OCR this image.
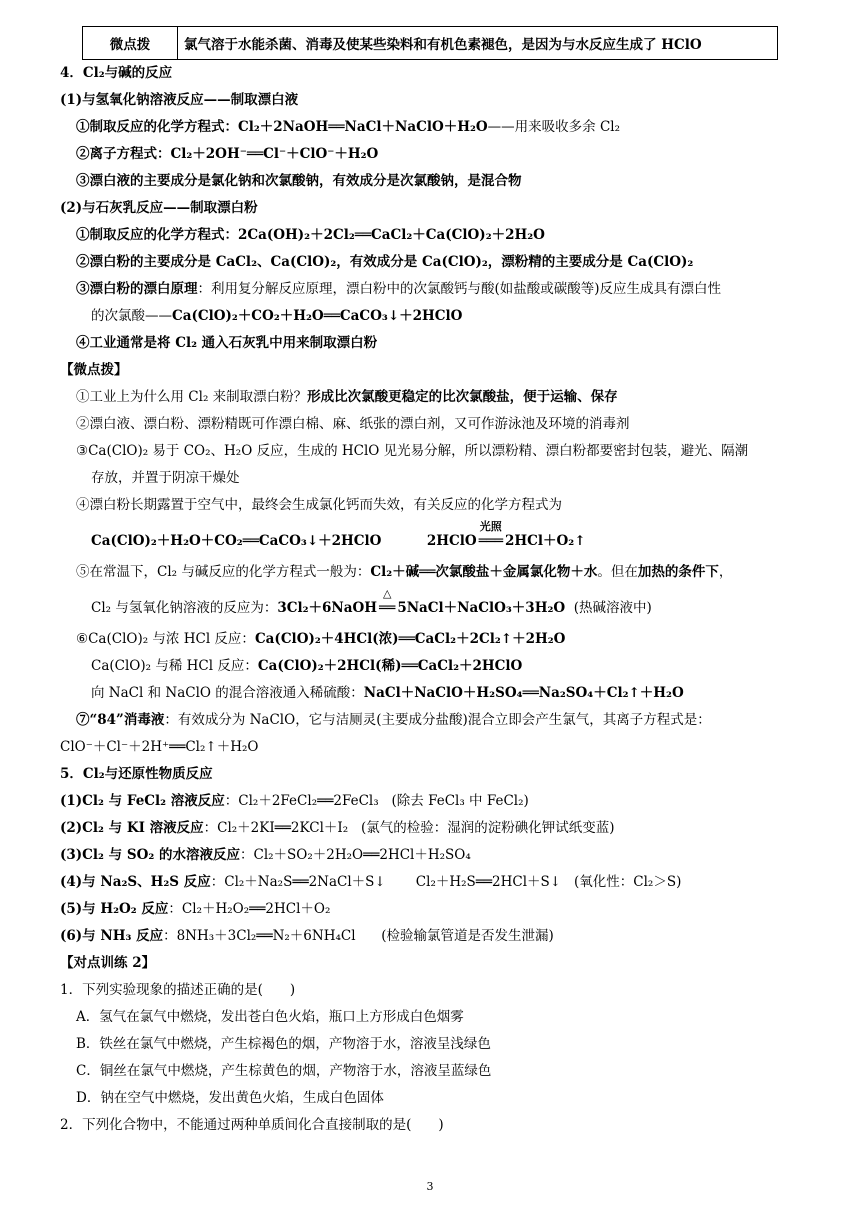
微点拨	氯气溶于水能杀菌、消毒及使某些染料和有机色素褪色，是因为与水反应生成了 HClO
4．Cl₂与碱的反应
(1)与氢氧化钠溶液反应——制取漂白液
①制取反应的化学方程式：Cl₂＋2NaOH══NaCl＋NaClO＋H₂O——用来吸收多余 Cl₂
②离子方程式：Cl₂＋2OH⁻══Cl⁻＋ClO⁻＋H₂O
③漂白液的主要成分是氯化钠和次氯酸钠，有效成分是次氯酸钠，是混合物
(2)与石灰乳反应——制取漂白粉
①制取反应的化学方程式：2Ca(OH)₂＋2Cl₂══CaCl₂＋Ca(ClO)₂＋2H₂O
②漂白粉的主要成分是 CaCl₂、Ca(ClO)₂，有效成分是 Ca(ClO)₂，漂粉精的主要成分是 Ca(ClO)₂
③漂白粉的漂白原理：利用复分解反应原理，漂白粉中的次氯酸钙与酸(如盐酸或碳酸等)反应生成具有漂白性
的次氯酸——Ca(ClO)₂＋CO₂＋H₂O══CaCO₃↓＋2HClO
④工业通常是将 Cl₂ 通入石灰乳中用来制取漂白粉
【微点拨】
①工业上为什么用 Cl₂ 来制取漂白粉？形成比次氯酸更稳定的比次氯酸盐，便于运输、保存
②漂白液、漂白粉、漂粉精既可作漂白棉、麻、纸张的漂白剂，又可作游泳池及环境的消毒剂
③Ca(ClO)₂ 易于 CO₂、H₂O 反应，生成的 HClO 见光易分解，所以漂粉精、漂白粉都要密封包装，避光、隔潮
存放，并置于阴凉干燥处
④漂白粉长期露置于空气中，最终会生成氯化钙而失效，有关反应的化学方程式为
Ca(ClO)₂＋H₂O＋CO₂══CaCO₃↓＋2HClO	2HClO
光照
═══ 2HCl＋O₂↑
⑤在常温下，Cl₂ 与碱反应的化学方程式一般为：Cl₂＋碱══次氯酸盐＋金属氯化物＋水。但在加热的条件下，
Cl₂ 与氢氧化钠溶液的反应为：3Cl₂＋6NaOH
△
══ 5NaCl＋NaClO₃＋3H₂O (热碱溶液中)
⑥Ca(ClO)₂ 与浓 HCl 反应：Ca(ClO)₂＋4HCl(浓)══CaCl₂＋2Cl₂↑＋2H₂O
Ca(ClO)₂ 与稀 HCl 反应：Ca(ClO)₂＋2HCl(稀)══CaCl₂＋2HClO
向 NaCl 和 NaClO 的混合溶液通入稀硫酸：NaCl＋NaClO＋H₂SO₄══Na₂SO₄＋Cl₂↑＋H₂O
⑦“84”消毒液：有效成分为 NaClO，它与洁厕灵(主要成分盐酸)混合立即会产生氯气，其离子方程式是：
ClO⁻＋Cl⁻＋2H⁺══Cl₂↑＋H₂O
5．Cl₂与还原性物质反应
(1)Cl₂ 与 FeCl₂ 溶液反应：Cl₂＋2FeCl₂══2FeCl₃ (除去 FeCl₃ 中 FeCl₂)
(2)Cl₂ 与 KI 溶液反应：Cl₂＋2KI══2KCl＋I₂ (氯气的检验：湿润的淀粉碘化钾试纸变蓝)
(3)Cl₂ 与 SO₂ 的水溶液反应：Cl₂＋SO₂＋2H₂O══2HCl＋H₂SO₄
(4)与 Na₂S、H₂S 反应：Cl₂＋Na₂S══2NaCl＋S↓ Cl₂＋H₂S══2HCl＋S↓ (氧化性：Cl₂＞S)
(5)与 H₂O₂ 反应：Cl₂＋H₂O₂══2HCl＋O₂
(6)与 NH₃ 反应：8NH₃＋3Cl₂══N₂＋6NH₄Cl (检验输氯管道是否发生泄漏)
【对点训练 2】
1．下列实验现象的描述正确的是(　　)
A．氢气在氯气中燃烧，发出苍白色火焰，瓶口上方形成白色烟雾
B．铁丝在氯气中燃烧，产生棕褐色的烟，产物溶于水，溶液呈浅绿色
C．铜丝在氯气中燃烧，产生棕黄色的烟，产物溶于水，溶液呈蓝绿色
D．钠在空气中燃烧，发出黄色火焰，生成白色固体
2．下列化合物中，不能通过两种单质间化合直接制取的是(　　)
3
